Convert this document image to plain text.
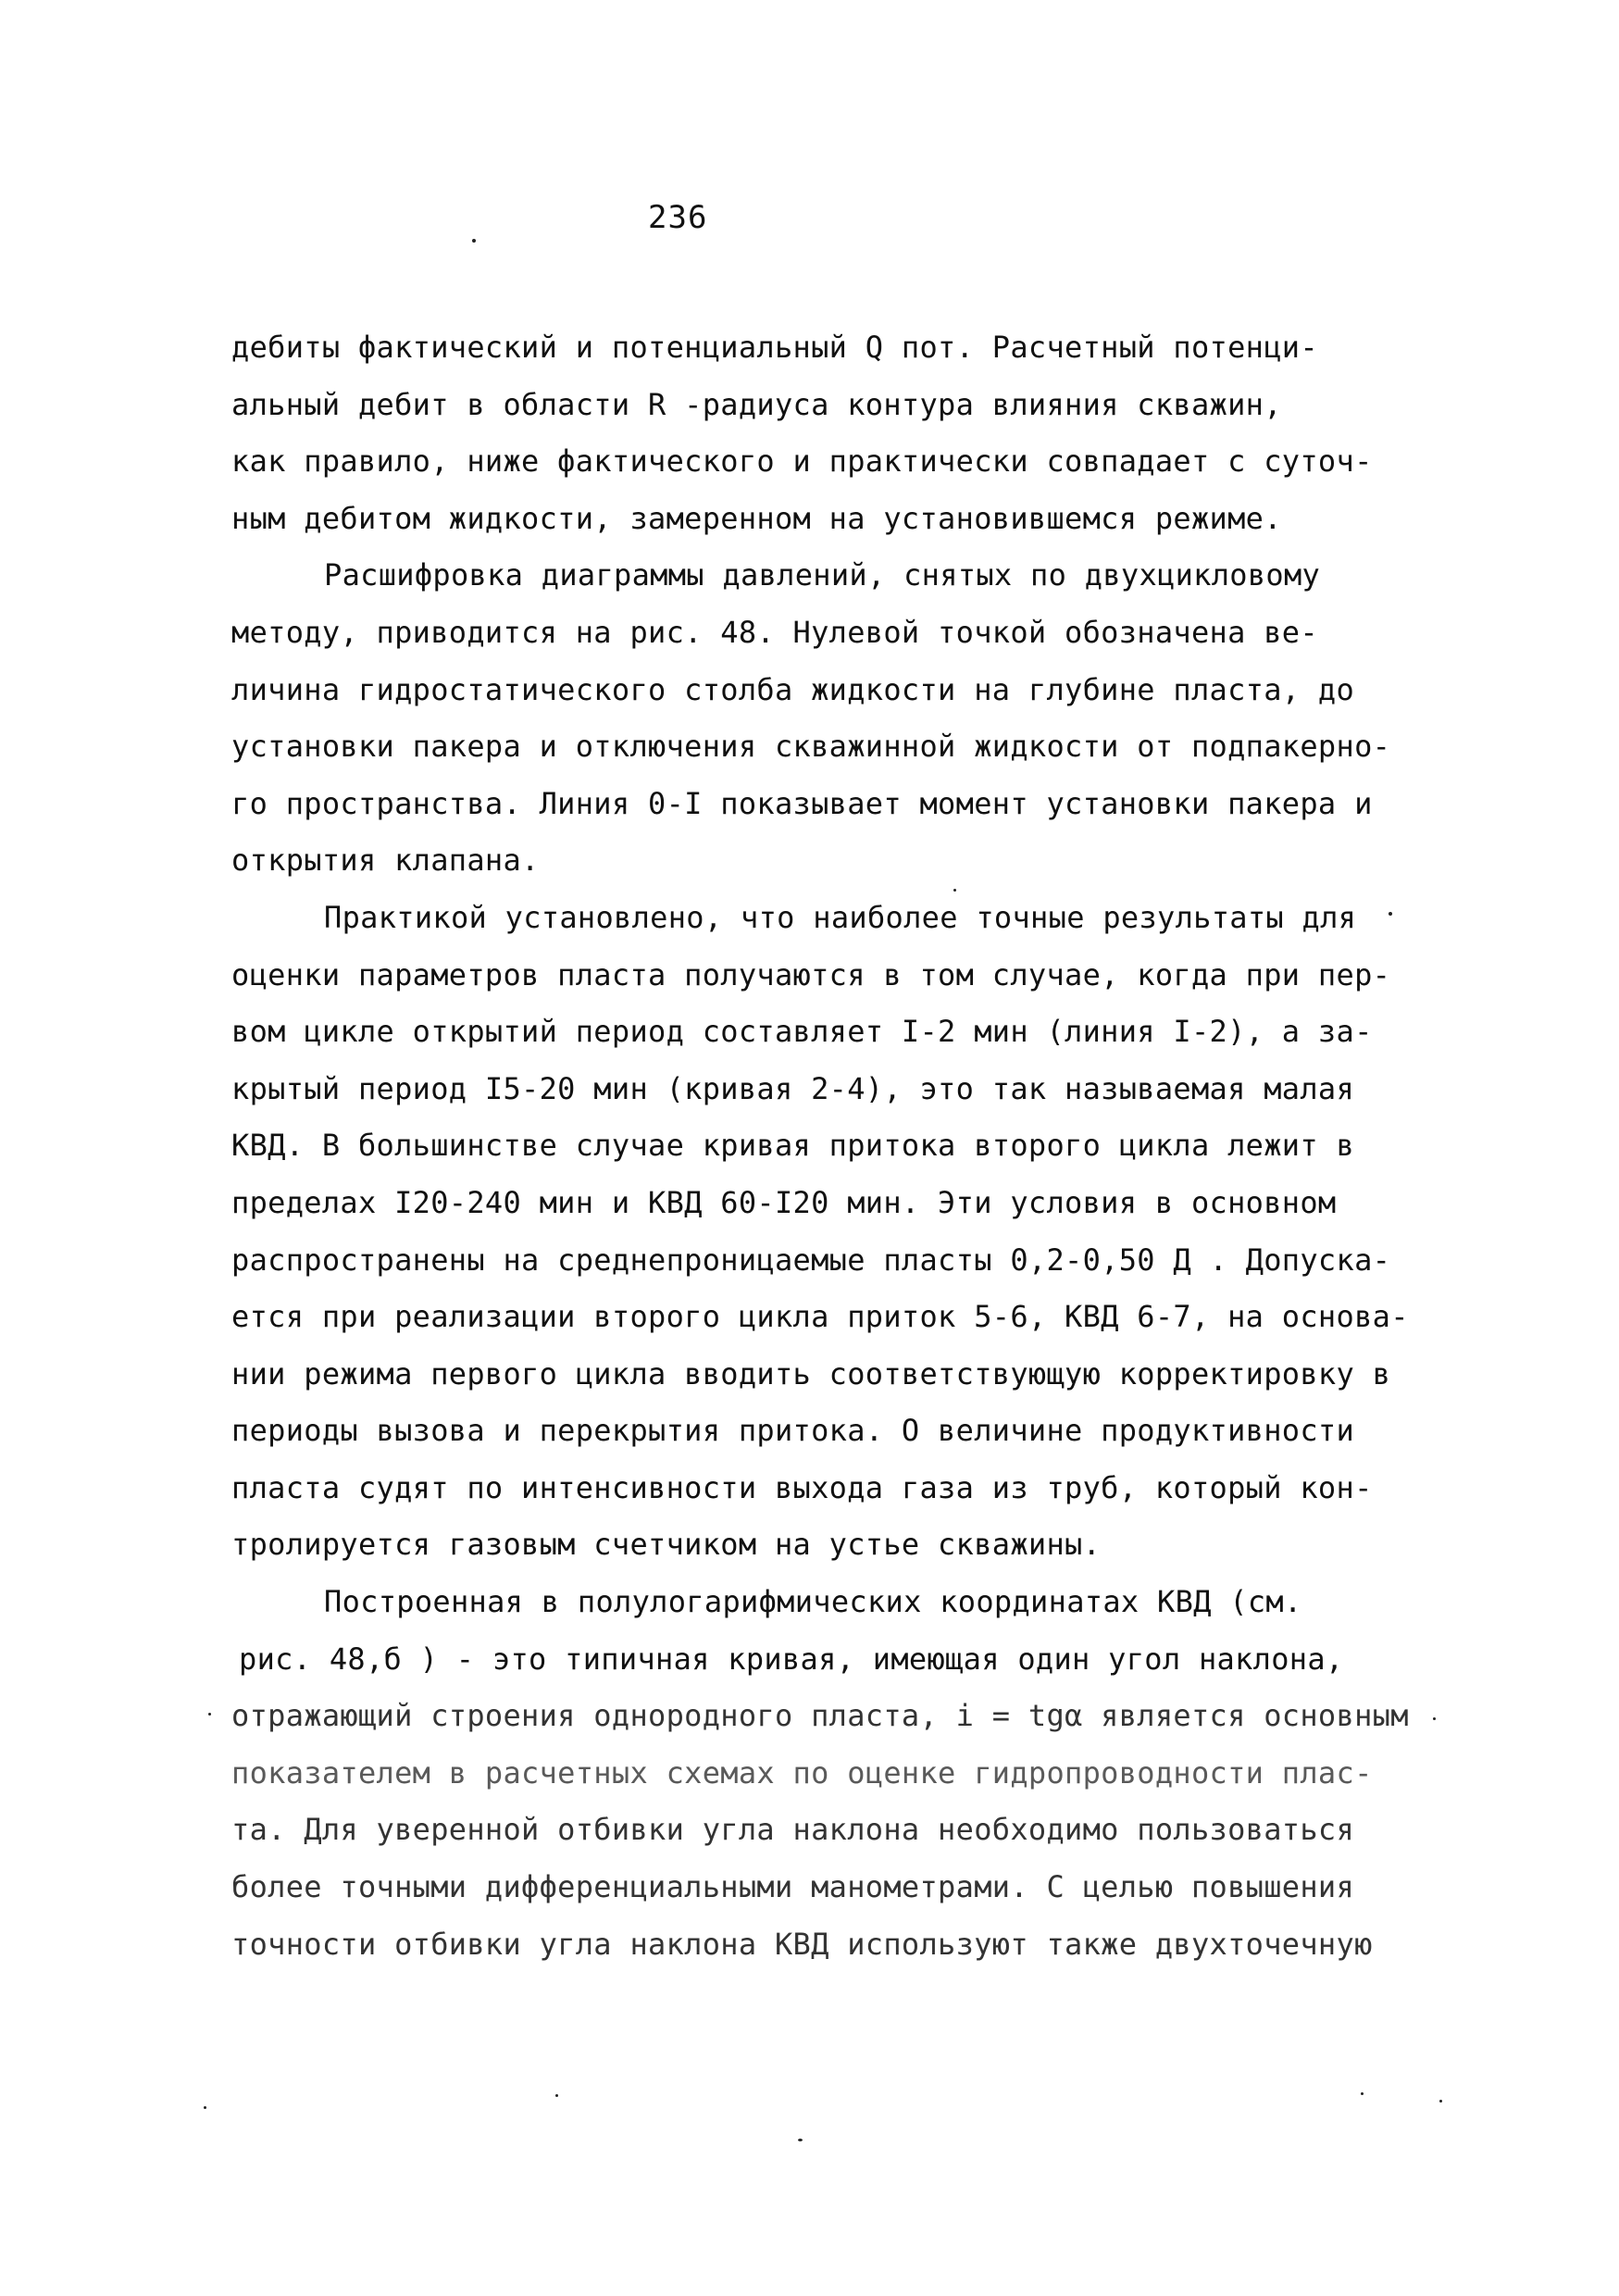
236
дебиты фактический и потенциальный Q пот. Расчетный потенци-
альный дебит в области R -радиуса контура влияния скважин,
как правило, ниже фактического и практически совпадает с суточ-
ным дебитом жидкости, замеренном на установившемся режиме.
Расшифровка диаграммы давлений, снятых по двухцикловому
методу, приводится на рис. 48. Нулевой точкой обозначена ве-
личина гидростатического столба жидкости на глубине пласта, до
установки пакера и отключения скважинной жидкости от подпакерно-
го пространства. Линия 0-I показывает момент установки пакера и
открытия клапана.
Практикой установлено, что наиболее точные результаты для
оценки параметров пласта получаются в том случае, когда при пер-
вом цикле открытий период составляет I-2 мин (линия I-2), а за-
крытый период I5-20 мин (кривая 2-4), это так называемая малая
КВД. В большинстве случае кривая притока второго цикла лежит в
пределах I20-240 мин и КВД 60-I20 мин. Эти условия в основном
распространены на среднепроницаемые пласты 0,2-0,50 Д . Допуска-
ется при реализации второго цикла приток 5-6, КВД 6-7, на основа-
нии режима первого цикла вводить соответствующую корректировку в
периоды вызова и перекрытия притока. О величине продуктивности
пласта судят по интенсивности выхода газа из труб, который кон-
тролируется газовым счетчиком на устье скважины.
Построенная в полулогарифмических координатах КВД (см.
рис. 48,б ) - это типичная кривая, имеющая один угол наклона,
отражающий строения однородного пласта, i = tgα является основным
показателем в расчетных схемах по оценке гидропроводности плас-
та. Для уверенной отбивки угла наклона необходимо пользоваться
более точными дифференциальными манометрами. С целью повышения
точности отбивки угла наклона КВД используют также двухточечную
